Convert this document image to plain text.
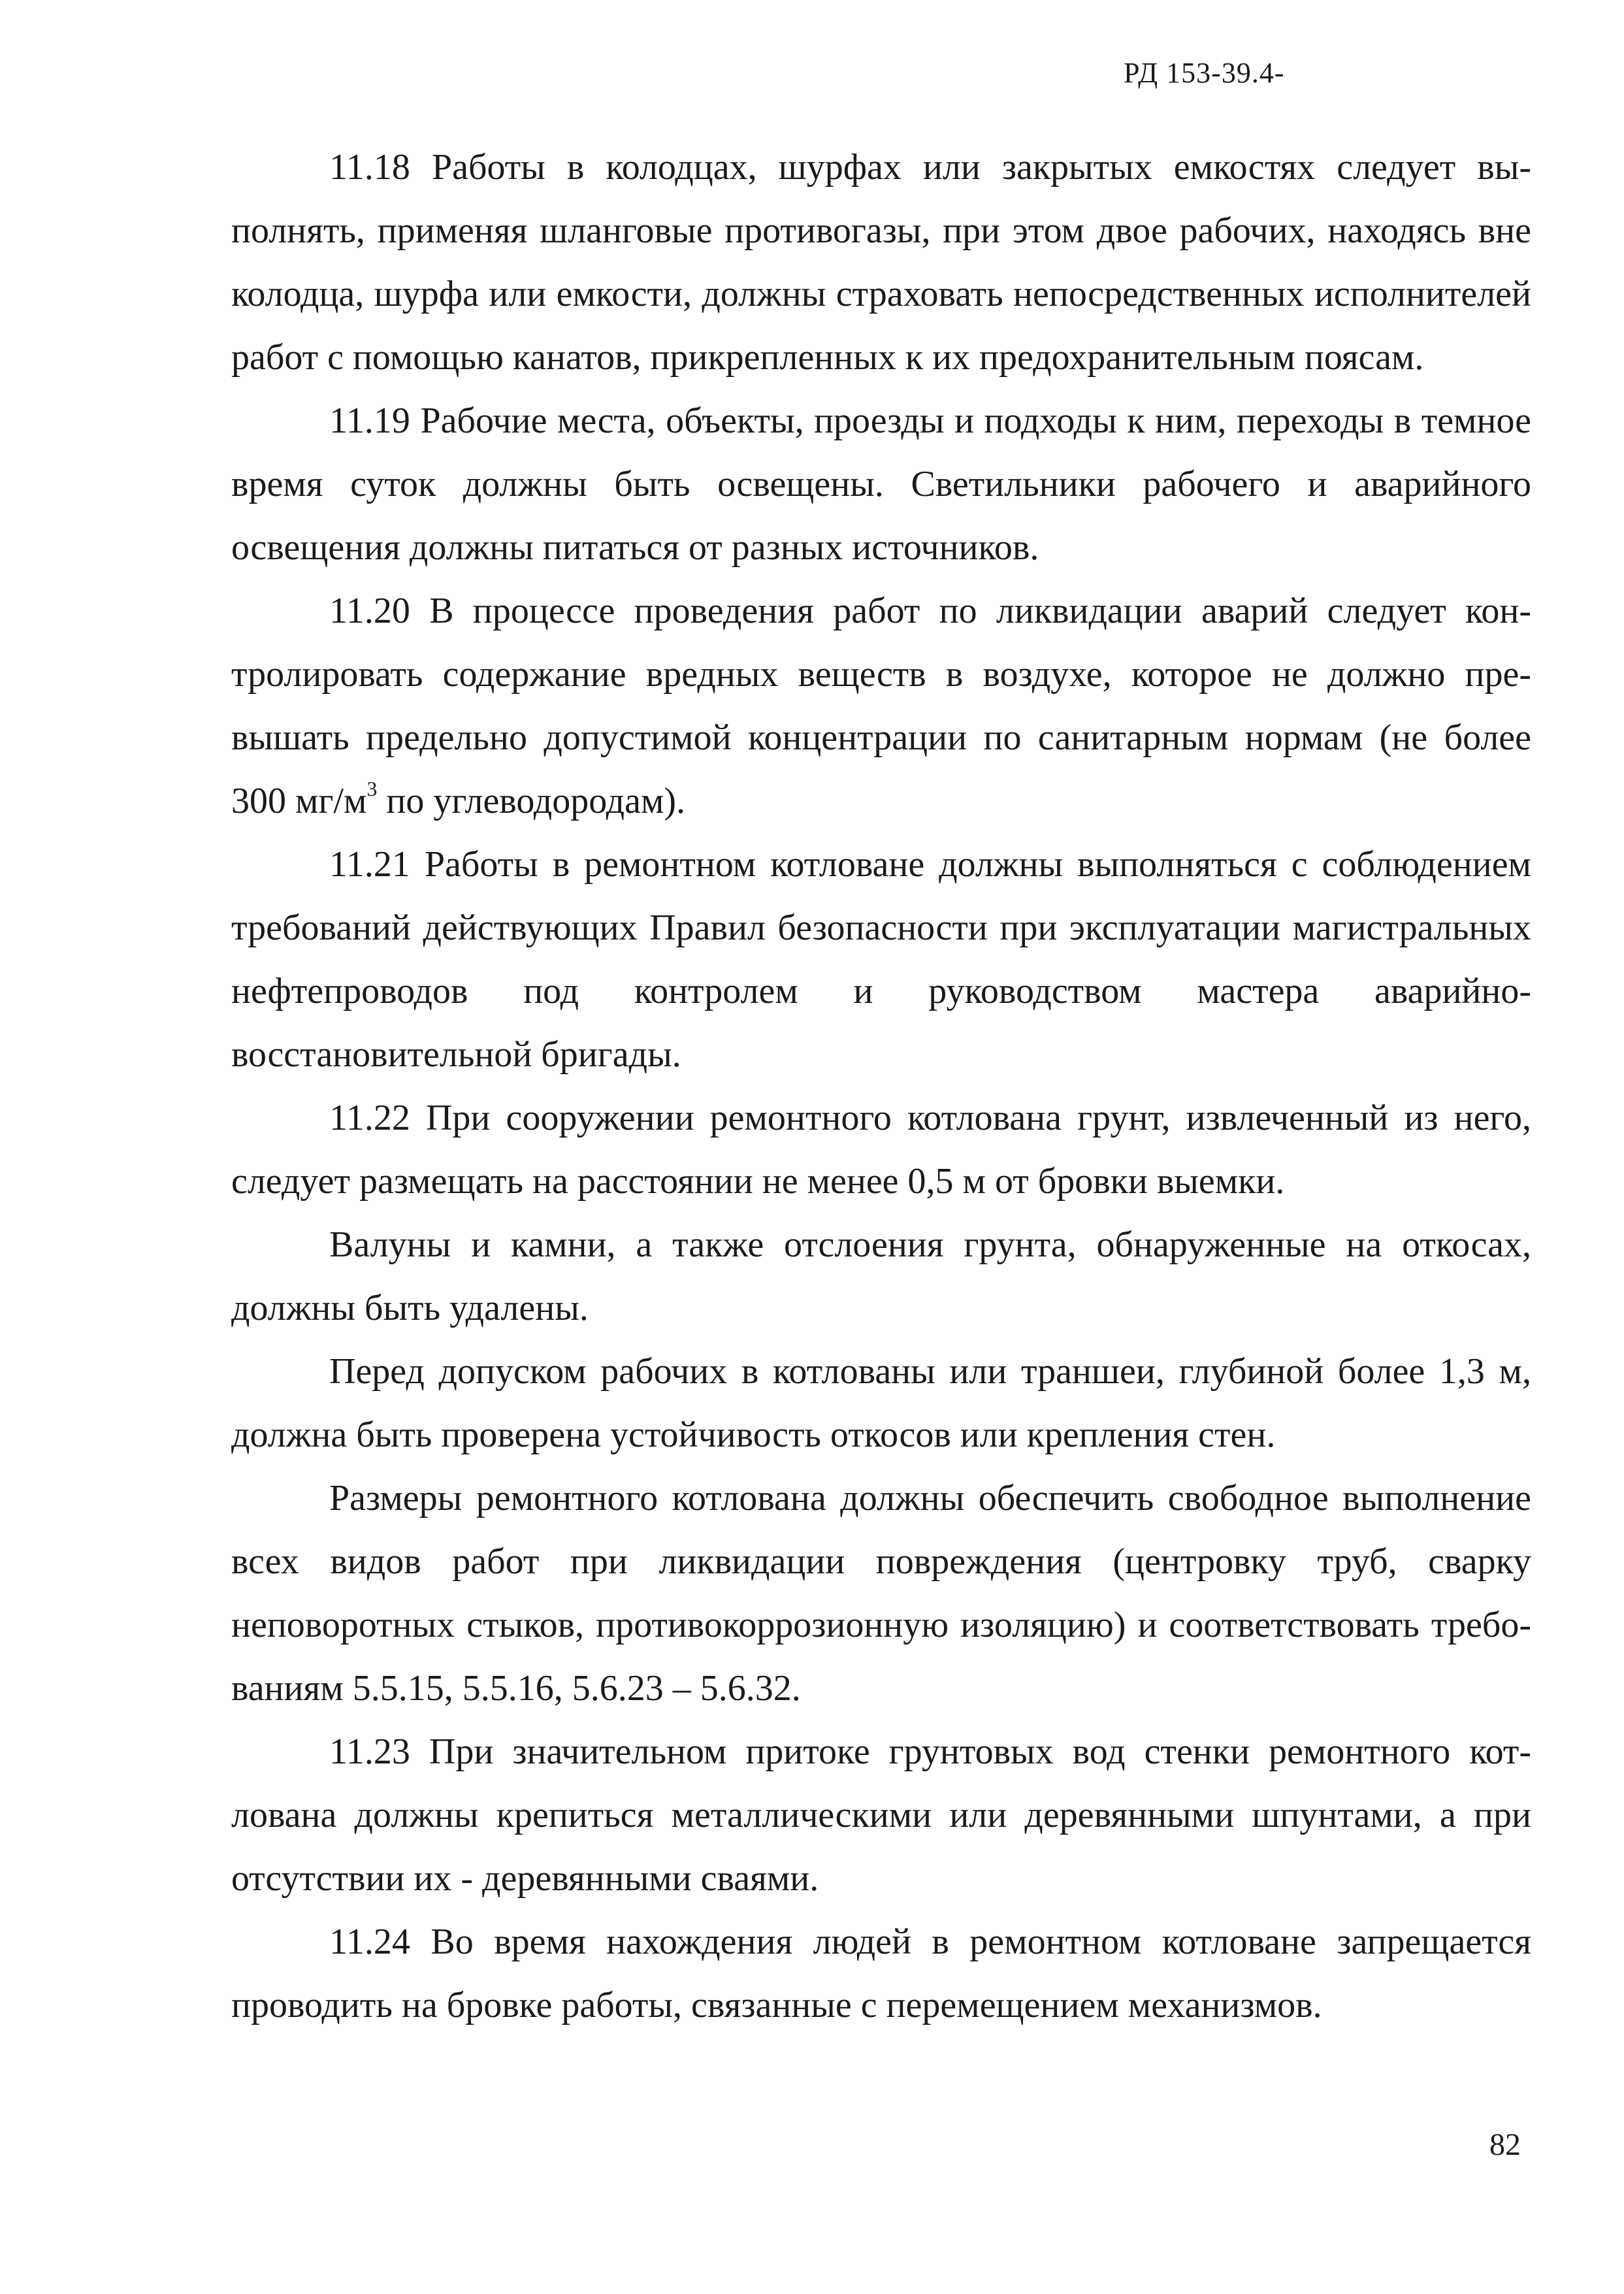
РД 153-39.4-

11.18 Работы в колодцах, шурфах или закрытых емкостях следует выполнять, применяя шланговые противогазы, при этом двое рабочих, находясь вне колодца, шурфа или емкости, должны страховать непосредственных исполнителей работ с помощью канатов, прикрепленных к их предохранительным поясам.

11.19 Рабочие места, объекты, проезды и подходы к ним, переходы в темное время суток должны быть освещены. Светильники рабочего и аварийного освещения должны питаться от разных источников.

11.20 В процессе проведения работ по ликвидации аварий следует контролировать содержание вредных веществ в воздухе, которое не должно превышать предельно допустимой концентрации по санитарным нормам (не более 300 $мг/м^3$ по углеводородам).

11.21 Работы в ремонтном котловане должны выполняться с соблюдением требований действующих Правил безопасности при эксплуатации магистральных нефтепроводов под контролем и руководством мастера аварийно-восстановительной бригады.

11.22 При сооружении ремонтного котлована грунт, извлеченный из него, следует размещать на расстоянии не менее 0,5 м от бровки выемки.

Валуны и камни, а также отслоения грунта, обнаруженные на откосах, должны быть удалены.

Перед допуском рабочих в котлованы или траншеи, глубиной более 1,3 м, должна быть проверена устойчивость откосов или крепления стен.

Размеры ремонтного котлована должны обеспечить свободное выполнение всех видов работ при ликвидации повреждения (центровку труб, сварку неповоротных стыков, противокоррозионную изоляцию) и соответствовать требованиям 5.5.15, 5.5.16, 5.6.23 – 5.6.32.

11.23 При значительном притоке грунтовых вод стенки ремонтного котлована должны крепиться металлическими или деревянными шпунтами, а при отсутствии их - деревянными сваями.

11.24 Во время нахождения людей в ремонтном котловане запрещается проводить на бровке работы, связанные с перемещением механизмов.

82
